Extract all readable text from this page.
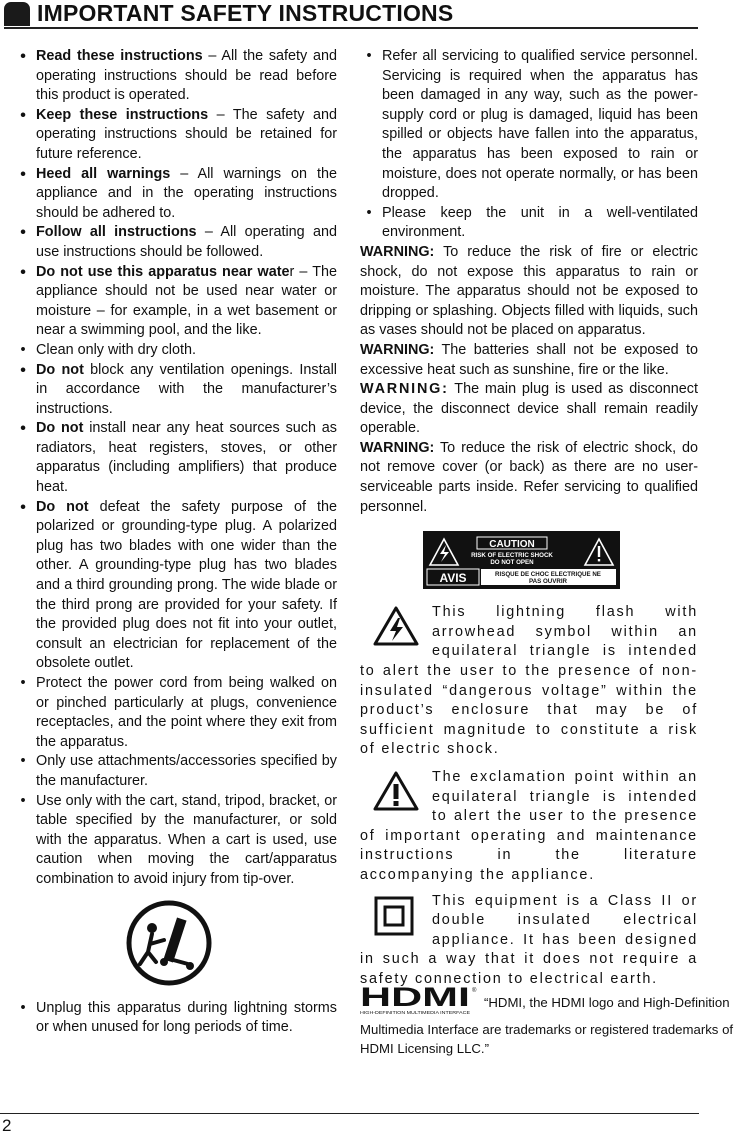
IMPORTANT SAFETY INSTRUCTIONS
• Read these instructions – All the safety and operating instructions should be read before this product is operated.
• Keep these instructions – The safety and operating instructions should be retained for future reference.
• Heed all warnings – All warnings on the appliance and in the operating instructions should be adhered to.
• Follow all instructions – All operating and use instructions should be followed.
• Do not use this apparatus near water – The appliance should not be used near water or moisture – for example, in a wet basement or near a swimming pool, and the like.
• Clean only with dry cloth.
• Do not block any ventilation openings. Install in accordance with the manufacturer’s instructions.
• Do not install near any heat sources such as radiators, heat registers, stoves, or other apparatus (including amplifiers) that produce heat.
• Do not defeat the safety purpose of the polarized or grounding-type plug. A polarized plug has two blades with one wider than the other. A grounding-type plug has two blades and a third grounding prong. The wide blade or the third prong are provided for your safety. If the provided plug does not fit into your outlet, consult an electrician for replacement of the obsolete outlet.
• Protect the power cord from being walked on or pinched particularly at plugs, convenience receptacles, and the point where they exit from the apparatus.
• Only use attachments/accessories specified by the manufacturer.
• Use only with the cart, stand, tripod, bracket, or table specified by the manufacturer, or sold with the apparatus. When a cart is used, use caution when moving the cart/apparatus combination to avoid injury from tip-over.
• Unplug this apparatus during lightning storms or when unused for long periods of time.
• Refer all servicing to qualified service personnel. Servicing is required when the apparatus has been damaged in any way, such as the power-supply cord or plug is damaged, liquid has been spilled or objects have fallen into the apparatus, the apparatus has been exposed to rain or moisture, does not operate normally, or has been dropped.
• Please keep the unit in a well-ventilated environment.

WARNING: To reduce the risk of fire or electric shock, do not expose this apparatus to rain or moisture. The apparatus should not be exposed to dripping or splashing. Objects filled with liquids, such as vases should not be placed on apparatus.

WARNING: The batteries shall not be exposed to excessive heat such as sunshine, fire or the like.

WARNING: The main plug is used as disconnect device, the disconnect device shall remain readily operable.

WARNING: To reduce the risk of electric shock, do not remove cover (or back) as there are no user-serviceable parts inside. Refer servicing to qualified personnel.

CAUTION
RISK OF ELECTRIC SHOCK
DO NOT OPEN
AVIS	RISQUE DE CHOC ELECTRIQUE NE
PAS OUVRIR

This lightning flash with arrowhead symbol within an equilateral triangle is intended to alert the user to the presence of non-insulated “dangerous voltage” within the product’s enclosure that may be of sufficient magnitude to constitute a risk of electric shock.

The exclamation point within an equilateral triangle is intended to alert the user to the presence of important operating and maintenance instructions in the literature accompanying the appliance.

This equipment is a Class II or double insulated electrical appliance. It has been designed in such a way that it does not require a safety connection to electrical earth.

HDMI ®
HIGH-DEFINITION MULTIMEDIA INTERFACE
“HDMI, the HDMI logo and High-Definition
Multimedia Interface are trademarks or registered trademarks of HDMI Licensing LLC.”
2
